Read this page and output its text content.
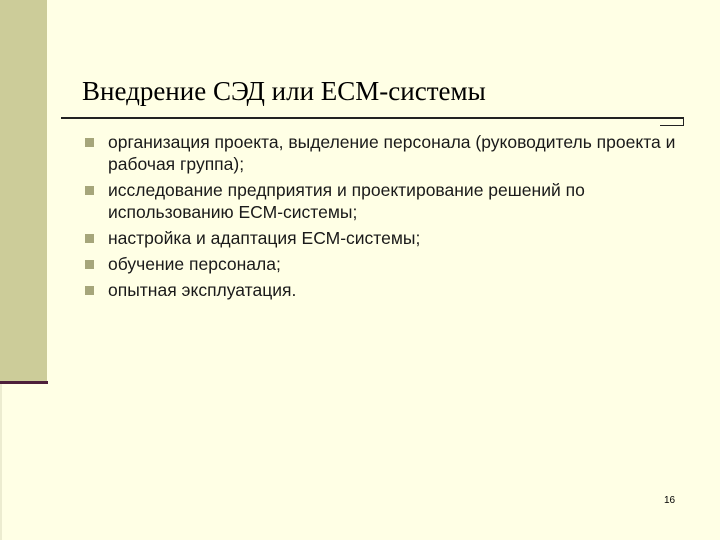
Внедрение СЭД или ЕСМ-системы
организация проекта, выделение персонала (руководитель проекта и рабочая группа);
исследование предприятия и проектирование решений по использованию ЕСМ-системы;
настройка и адаптация ЕСМ-системы;
обучение персонала;
опытная эксплуатация.
16
